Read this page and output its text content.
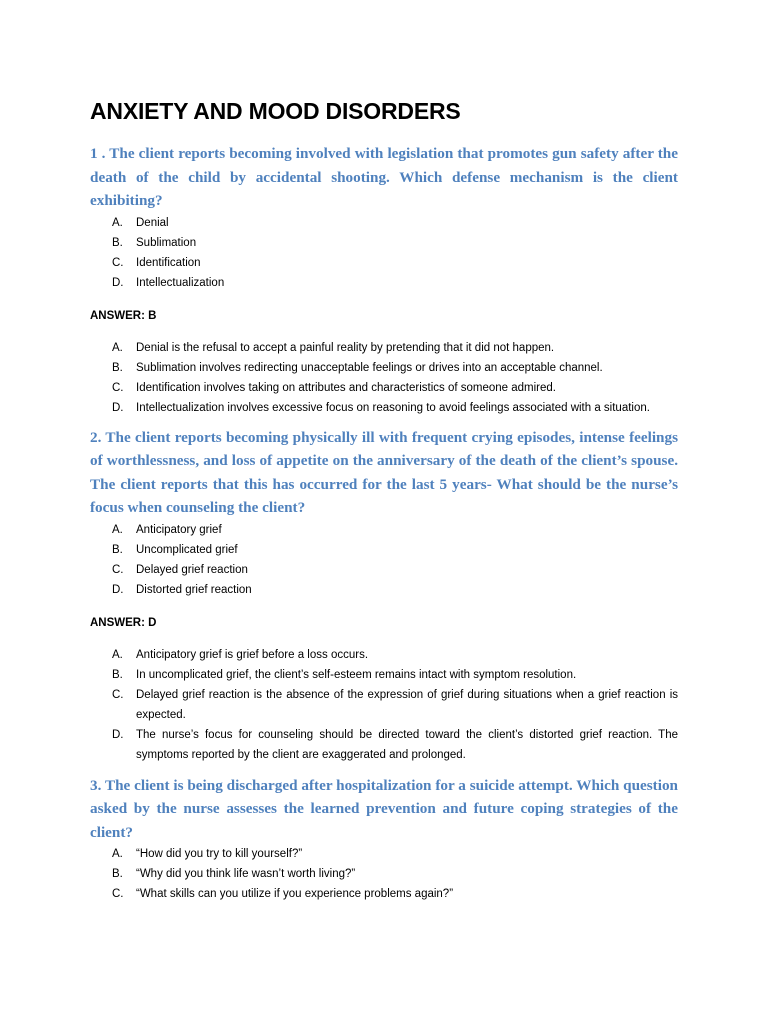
ANXIETY AND MOOD DISORDERS

1 . The client reports becoming involved with legislation that promotes gun safety after the death of the child by accidental shooting. Which defense mechanism is the client exhibiting?

A. Denial
B. Sublimation
C. Identification
D. Intellectualization
ANSWER: B
A. Denial is the refusal to accept a painful reality by pretending that it did not happen.
B. Sublimation involves redirecting unacceptable feelings or drives into an acceptable channel.
C. Identification involves taking on attributes and characteristics of someone admired.
D. Intellectualization involves excessive focus on reasoning to avoid feelings associated with a situation.

2. The client reports becoming physically ill with frequent crying episodes, intense feelings of worthlessness, and loss of appetite on the anniversary of the death of the client’s spouse. The client reports that this has occurred for the last 5 years- What should be the nurse’s focus when counseling the client?

A. Anticipatory grief
B. Uncomplicated grief
C. Delayed grief reaction
D. Distorted grief reaction
ANSWER: D
A. Anticipatory grief is grief before a loss occurs.
B. In uncomplicated grief, the client’s self-esteem remains intact with symptom resolution.
C. Delayed grief reaction is the absence of the expression of grief during situations when a grief reaction is expected.
D. The nurse’s focus for counseling should be directed toward the client’s distorted grief reaction. The symptoms reported by the client are exaggerated and prolonged.

3. The client is being discharged after hospitalization for a suicide attempt. Which question asked by the nurse assesses the learned prevention and future coping strategies of the client?

A. “How did you try to kill yourself?”
B. “Why did you think life wasn’t worth living?”
C. “What skills can you utilize if you experience problems again?”
